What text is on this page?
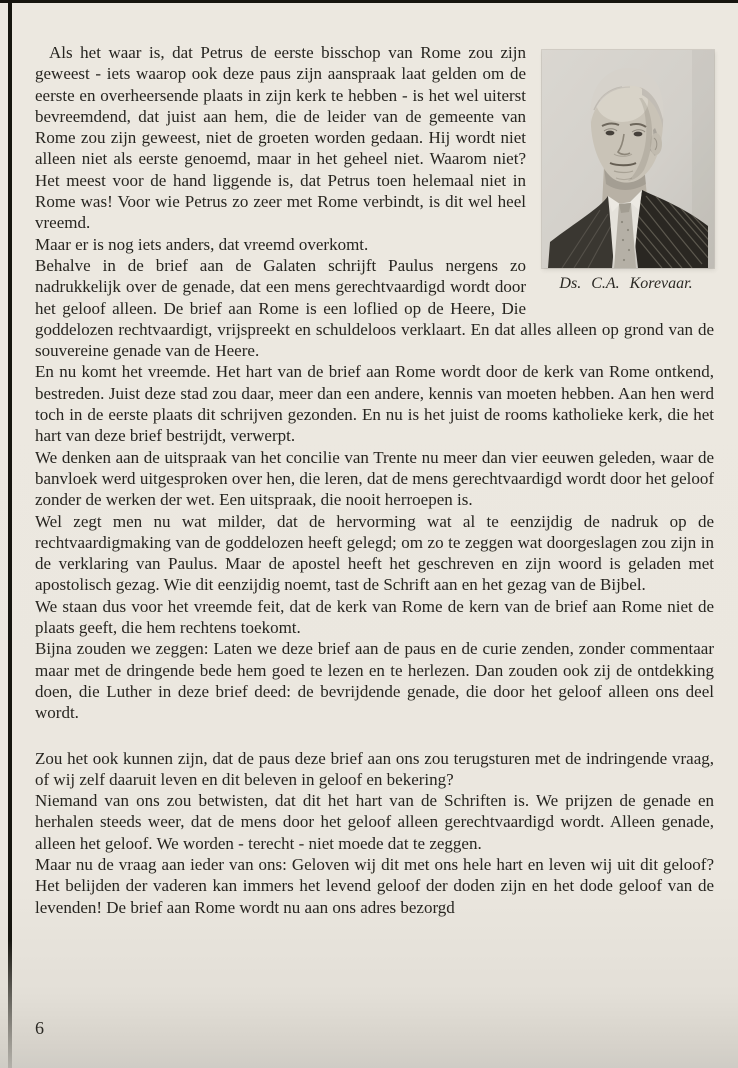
Ds. C.A. Korevaar.

Als het waar is, dat Petrus de eerste bisschop van Rome zou zijn geweest - iets waarop ook deze paus zijn aanspraak laat gelden om de eerste en overheersende plaats in zijn kerk te hebben - is het wel uiterst bevreemdend, dat juist aan hem, die de leider van de gemeente van Rome zou zijn geweest, niet de groeten worden gedaan. Hij wordt niet alleen niet als eerste genoemd, maar in het geheel niet. Waarom niet? Het meest voor de hand liggende is, dat Petrus toen helemaal niet in Rome was! Voor wie Petrus zo zeer met Rome verbindt, is dit wel heel vreemd.

Maar er is nog iets anders, dat vreemd overkomt.

Behalve in de brief aan de Galaten schrijft Paulus nergens zo nadrukkelijk over de genade, dat een mens gerechtvaardigd wordt door het geloof alleen. De brief aan Rome is een loflied op de Heere, Die goddelozen rechtvaardigt, vrijspreekt en schuldeloos verklaart. En dat alles alleen op grond van de souvereine genade van de Heere.

En nu komt het vreemde. Het hart van de brief aan Rome wordt door de kerk van Rome ontkend, bestreden. Juist deze stad zou daar, meer dan een andere, kennis van moeten hebben. Aan hen werd toch in de eerste plaats dit schrijven gezonden. En nu is het juist de rooms katholieke kerk, die het hart van deze brief bestrijdt, verwerpt.

We denken aan de uitspraak van het concilie van Trente nu meer dan vier eeuwen geleden, waar de banvloek werd uitgesproken over hen, die leren, dat de mens gerechtvaardigd wordt door het geloof zonder de werken der wet. Een uitspraak, die nooit herroepen is.

Wel zegt men nu wat milder, dat de hervorming wat al te eenzijdig de nadruk op de rechtvaardigmaking van de goddelozen heeft gelegd; om zo te zeggen wat doorgeslagen zou zijn in de verklaring van Paulus. Maar de apostel heeft het geschreven en zijn woord is geladen met apostolisch gezag. Wie dit eenzijdig noemt, tast de Schrift aan en het gezag van de Bijbel.

We staan dus voor het vreemde feit, dat de kerk van Rome de kern van de brief aan Rome niet de plaats geeft, die hem rechtens toekomt.

Bijna zouden we zeggen: Laten we deze brief aan de paus en de curie zenden, zonder commentaar maar met de dringende bede hem goed te lezen en te herlezen. Dan zouden ook zij de ontdekking doen, die Luther in deze brief deed: de bevrijdende genade, die door het geloof alleen ons deel wordt.

Zou het ook kunnen zijn, dat de paus deze brief aan ons zou terugsturen met de indringende vraag, of wij zelf daaruit leven en dit beleven in geloof en bekering?

Niemand van ons zou betwisten, dat dit het hart van de Schriften is. We prijzen de genade en herhalen steeds weer, dat de mens door het geloof alleen gerechtvaardigd wordt. Alleen genade, alleen het geloof. We worden - terecht - niet moede dat te zeggen.

Maar nu de vraag aan ieder van ons: Geloven wij dit met ons hele hart en leven wij uit dit geloof? Het belijden der vaderen kan immers het levend geloof der doden zijn en het dode geloof van de levenden! De brief aan Rome wordt nu aan ons adres bezorgd

6
